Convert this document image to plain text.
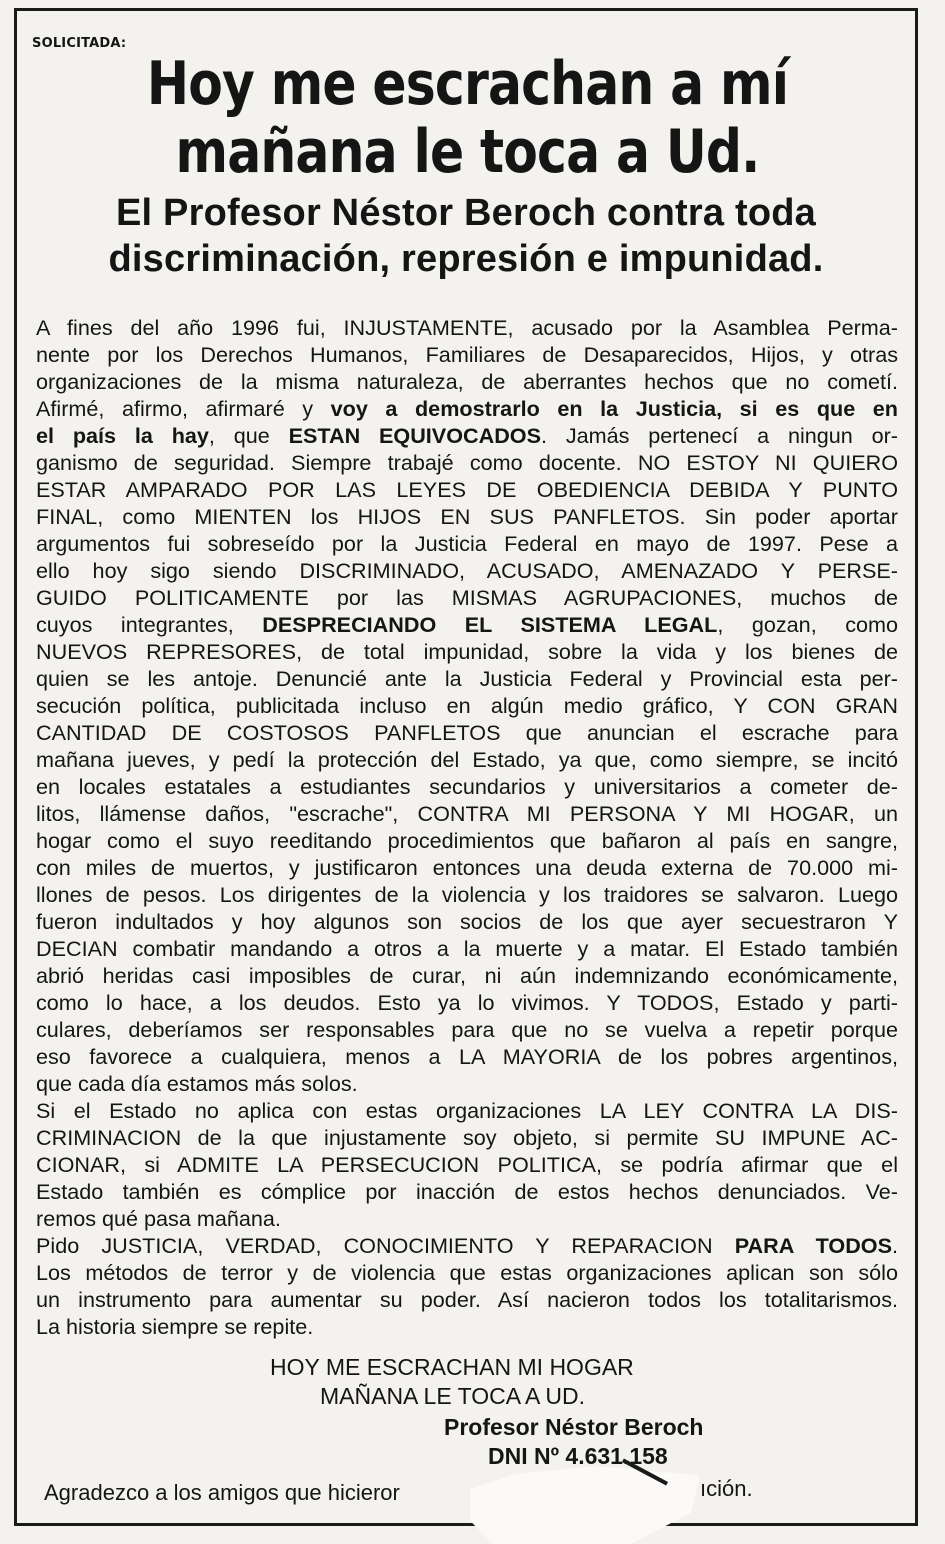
SOLICITADA:
Hoy me escrachan a mí
mañana le toca a Ud.
El Profesor Néstor Beroch contra toda
discriminación, represión e impunidad.
A fines del año 1996 fui, INJUSTAMENTE, acusado por la Asamblea Perma-
nente por los Derechos Humanos, Familiares de Desaparecidos, Hijos, y otras
organizaciones de la misma naturaleza, de aberrantes hechos que no cometí.
Afirmé, afirmo, afirmaré y voy a demostrarlo en la Justicia, si es que en
el país la hay, que ESTAN EQUIVOCADOS. Jamás pertenecí a ningun or-
ganismo de seguridad. Siempre trabajé como docente. NO ESTOY NI QUIERO
ESTAR AMPARADO POR LAS LEYES DE OBEDIENCIA DEBIDA Y PUNTO
FINAL, como MIENTEN los HIJOS EN SUS PANFLETOS. Sin poder aportar
argumentos fui sobreseído por la Justicia Federal en mayo de 1997. Pese a
ello hoy sigo siendo DISCRIMINADO, ACUSADO, AMENAZADO Y PERSE-
GUIDO POLITICAMENTE por las MISMAS AGRUPACIONES, muchos de
cuyos integrantes, DESPRECIANDO EL SISTEMA LEGAL, gozan, como
NUEVOS REPRESORES, de total impunidad, sobre la vida y los bienes de
quien se les antoje. Denuncié ante la Justicia Federal y Provincial esta per-
secución política, publicitada incluso en algún medio gráfico, Y CON GRAN
CANTIDAD DE COSTOSOS PANFLETOS que anuncian el escrache para
mañana jueves, y pedí la protección del Estado, ya que, como siempre, se incitó
en locales estatales a estudiantes secundarios y universitarios a cometer de-
litos, llámense daños, "escrache", CONTRA MI PERSONA Y MI HOGAR, un
hogar como el suyo reeditando procedimientos que bañaron al país en sangre,
con miles de muertos, y justificaron entonces una deuda externa de 70.000 mi-
llones de pesos. Los dirigentes de la violencia y los traidores se salvaron. Luego
fueron indultados y hoy algunos son socios de los que ayer secuestraron Y
DECIAN combatir mandando a otros a la muerte y a matar. El Estado también
abrió heridas casi imposibles de curar, ni aún indemnizando económicamente,
como lo hace, a los deudos. Esto ya lo vivimos. Y TODOS, Estado y parti-
culares, deberíamos ser responsables para que no se vuelva a repetir porque
eso favorece a cualquiera, menos a LA MAYORIA de los pobres argentinos,
que cada día estamos más solos.
Si el Estado no aplica con estas organizaciones LA LEY CONTRA LA DIS-
CRIMINACION de la que injustamente soy objeto, si permite SU IMPUNE AC-
CIONAR, si ADMITE LA PERSECUCION POLITICA, se podría afirmar que el
Estado también es cómplice por inacción de estos hechos denunciados. Ve-
remos qué pasa mañana.
Pido JUSTICIA, VERDAD, CONOCIMIENTO Y REPARACION PARA TODOS.
Los métodos de terror y de violencia que estas organizaciones aplican son sólo
un instrumento para aumentar su poder. Así nacieron todos los totalitarismos.
La historia siempre se repite.
HOY ME ESCRACHAN MI HOGAR
MAÑANA LE TOCA A UD.
Profesor Néstor Beroch
DNI Nº 4.631.158
Agradezco a los amigos que hicieror	ıción.
